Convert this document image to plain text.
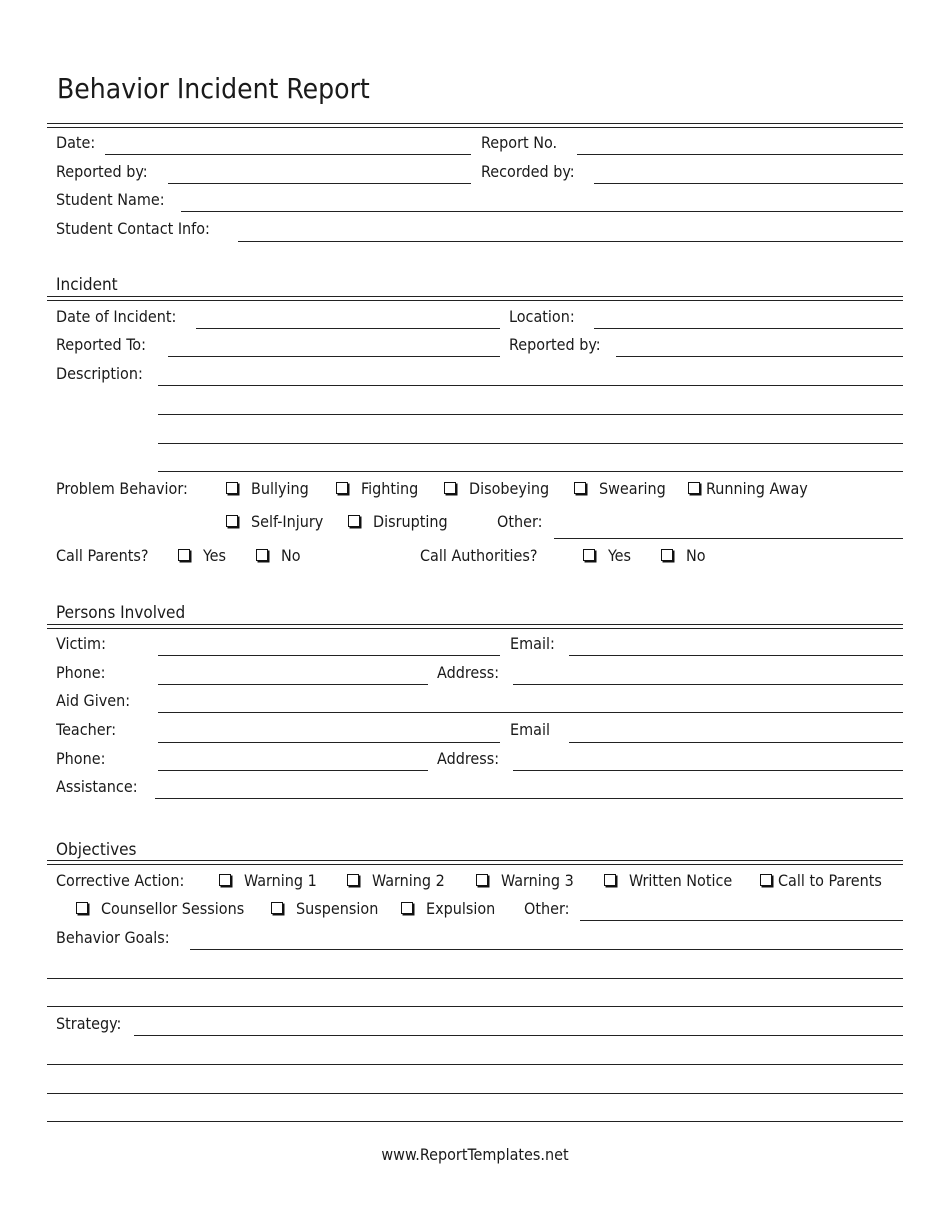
Behavior Incident Report
Date:	Report No.
Reported by:	Recorded by:
Student Name:
Student Contact Info:
Incident
Date of Incident:	Location:
Reported To:	Reported by:
Description:
Problem Behavior:	Bullying	Fighting	Disobeying	Swearing	Running Away
Self-Injury	Disrupting	Other:
Call Parents?	Yes	No	Call Authorities?	Yes	No
Persons Involved
Victim:	Email:
Phone:	Address:
Aid Given:
Teacher:	Email
Phone:	Address:
Assistance:
Objectives
Corrective Action:	Warning 1	Warning 2	Warning 3	Written Notice	Call to Parents
Counsellor Sessions	Suspension	Expulsion Other:
Behavior Goals:
Strategy:
www.ReportTemplates.net
